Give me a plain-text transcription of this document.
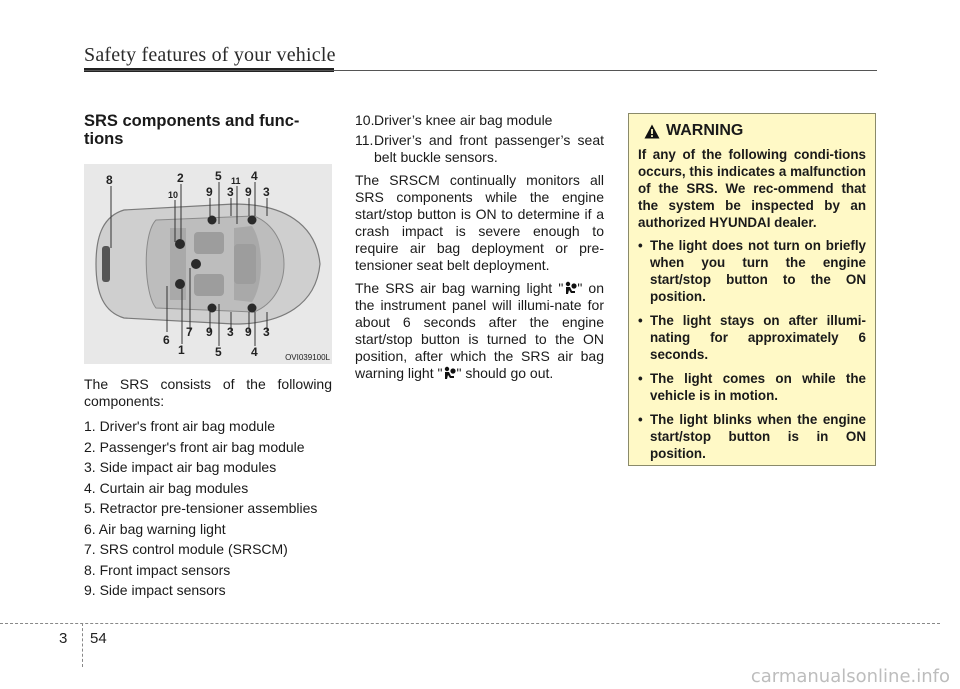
Safety features of your vehicle
SRS components and func-
tions
8	2
10
5 11 4
9 3 9 3
6
7
1
9 3 9 3
5 4	OVI039100L
The SRS consists of the following components:
1. Driver's front air bag module
2. Passenger's front air bag module
3. Side impact air bag modules
4. Curtain air bag modules
5. Retractor pre-tensioner assemblies
6. Air bag warning light
7. SRS control module (SRSCM)
8. Front impact sensors
9. Side impact sensors
10. Driver’s knee air bag module
11. Driver’s and front passenger’s seat belt buckle sensors.

The SRSCM continually monitors all SRS components while the engine start/stop button is ON to determine if a crash impact is severe enough to require air bag deployment or pre-tensioner seat belt deployment.

The SRS air bag warning light " " on the instrument panel will illumi-nate for about 6 seconds after the engine start/stop button is turned to the ON position, after which the SRS air bag warning light " " should go out.

WARNING
If any of the following condi-tions occurs, this indicates a malfunction of the SRS. We rec-ommend that the system be inspected by an authorized HYUNDAI dealer.
• The light does not turn on briefly when you turn the engine start/stop button to the ON position.
• The light stays on after illumi-nating for approximately 6 seconds.
• The light comes on while the vehicle is in motion.
• The light blinks when the engine start/stop button is in ON position.
3 54
carmanualsonline.info
